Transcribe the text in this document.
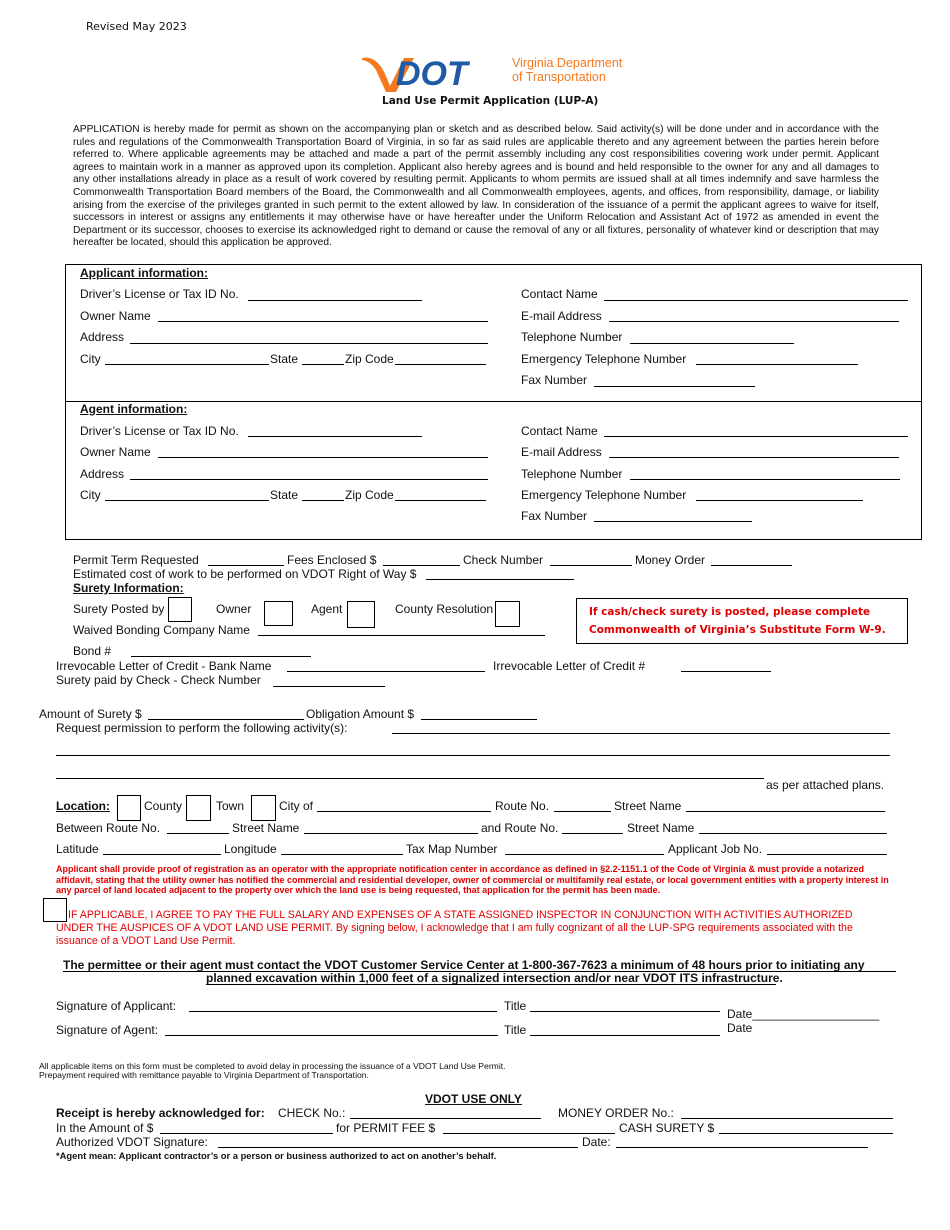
Revised May 2023
DOT	Virginia Department
of Transportation
Land Use Permit Application (LUP-A)
APPLICATION is hereby made for permit as shown on the accompanying plan or sketch and as described below. Said activity(s) will be done under and in accordance with the rules and regulations of the Commonwealth Transportation Board of Virginia, in so far as said rules are applicable thereto and any agreement between the parties herein before referred to. Where applicable agreements may be attached and made a part of the permit assembly including any cost responsibilities covering work under permit. Applicant agrees to maintain work in a manner as approved upon its completion. Applicant also hereby agrees and is bound and held responsible to the owner for any and all damages to any other installations already in place as a result of work covered by resulting permit. Applicants to whom permits are issued shall at all times indemnify and save harmless the Commonwealth Transportation Board members of the Board, the Commonwealth and all Commonwealth employees, agents, and offices, from responsibility, damage, or liability arising from the exercise of the privileges granted in such permit to the extent allowed by law. In consideration of the issuance of a permit the applicant agrees to waive for itself, successors in interest or assigns any entitlements it may otherwise have or have hereafter under the Uniform Relocation and Assistant Act of 1972 as amended in event the Department or its successor, chooses to exercise its acknowledged right to demand or cause the removal of any or all fixtures, personality of whatever kind or description that may hereafter be located, should this application be approved.
Applicant information:
Driver’s License or Tax ID No.
Owner Name
Address
City	State	Zip Code
Contact Name
E-mail Address
Telephone Number
Emergency Telephone Number
Fax Number
Agent information:
Driver’s License or Tax ID No.
Owner Name
Address
City	State	Zip Code
Contact Name
E-mail Address
Telephone Number
Emergency Telephone Number
Fax Number
Permit Term Requested	Fees Enclosed $	Check Number	Money Order
Estimated cost of work to be performed on VDOT Right of Way $
Surety Information:
Surety Posted by	Owner	Agent	County Resolution	If cash/check surety is posted, please complete
Commonwealth of Virginia’s Substitute Form W-9.
Waived Bonding Company Name
Bond #
Irrevocable Letter of Credit - Bank Name	Irrevocable Letter of Credit #
Surety paid by Check - Check Number
Amount of Surety $	Obligation Amount $
Request permission to perform the following activity(s):
as per attached plans.
Location:	County	Town	City of	Route No.	Street Name
Between Route No.	Street Name	and Route No.	Street Name
Latitude	Longitude	Tax Map Number	Applicant Job No.
Applicant shall provide proof of registration as an operator with the appropriate notification center in accordance as defined in §2.2-1151.1 of the Code of Virginia & must provide a notarized affidavit, stating that the utility owner has notified the commercial and residential developer, owner of commercial or multifamily real estate, or local government entities with a property interest in any parcel of land located adjacent to the property over which the land use is being requested, that application for the permit has been made.
IF APPLICABLE, I AGREE TO PAY THE FULL SALARY AND EXPENSES OF A STATE ASSIGNED INSPECTOR IN CONJUNCTION WITH ACTIVITIES AUTHORIZED UNDER THE AUSPICES OF A VDOT LAND USE PERMIT. By signing below, I acknowledge that I am fully cognizant of all the LUP-SPG requirements associated with the issuance of a VDOT Land Use Permit.
The permittee or their agent must contact the VDOT Customer Service Center at 1-800-367-7623 a minimum of 48 hours prior to initiating any
planned excavation within 1,000 feet of a signalized intersection and/or near VDOT ITS infrastructure.
Signature of Applicant:	Title
Date___________________
Signature of Agent:	Title	Date
All applicable items on this form must be completed to avoid delay in processing the issuance of a VDOT Land Use Permit.
Prepayment required with remittance payable to Virginia Department of Transportation.
VDOT USE ONLY
Receipt is hereby acknowledged for: CHECK No.:	MONEY ORDER No.:
In the Amount of $	for PERMIT FEE $	CASH SURETY $
Authorized VDOT Signature:	Date:
*Agent mean: Applicant contractor’s or a person or business authorized to act on another’s behalf.
